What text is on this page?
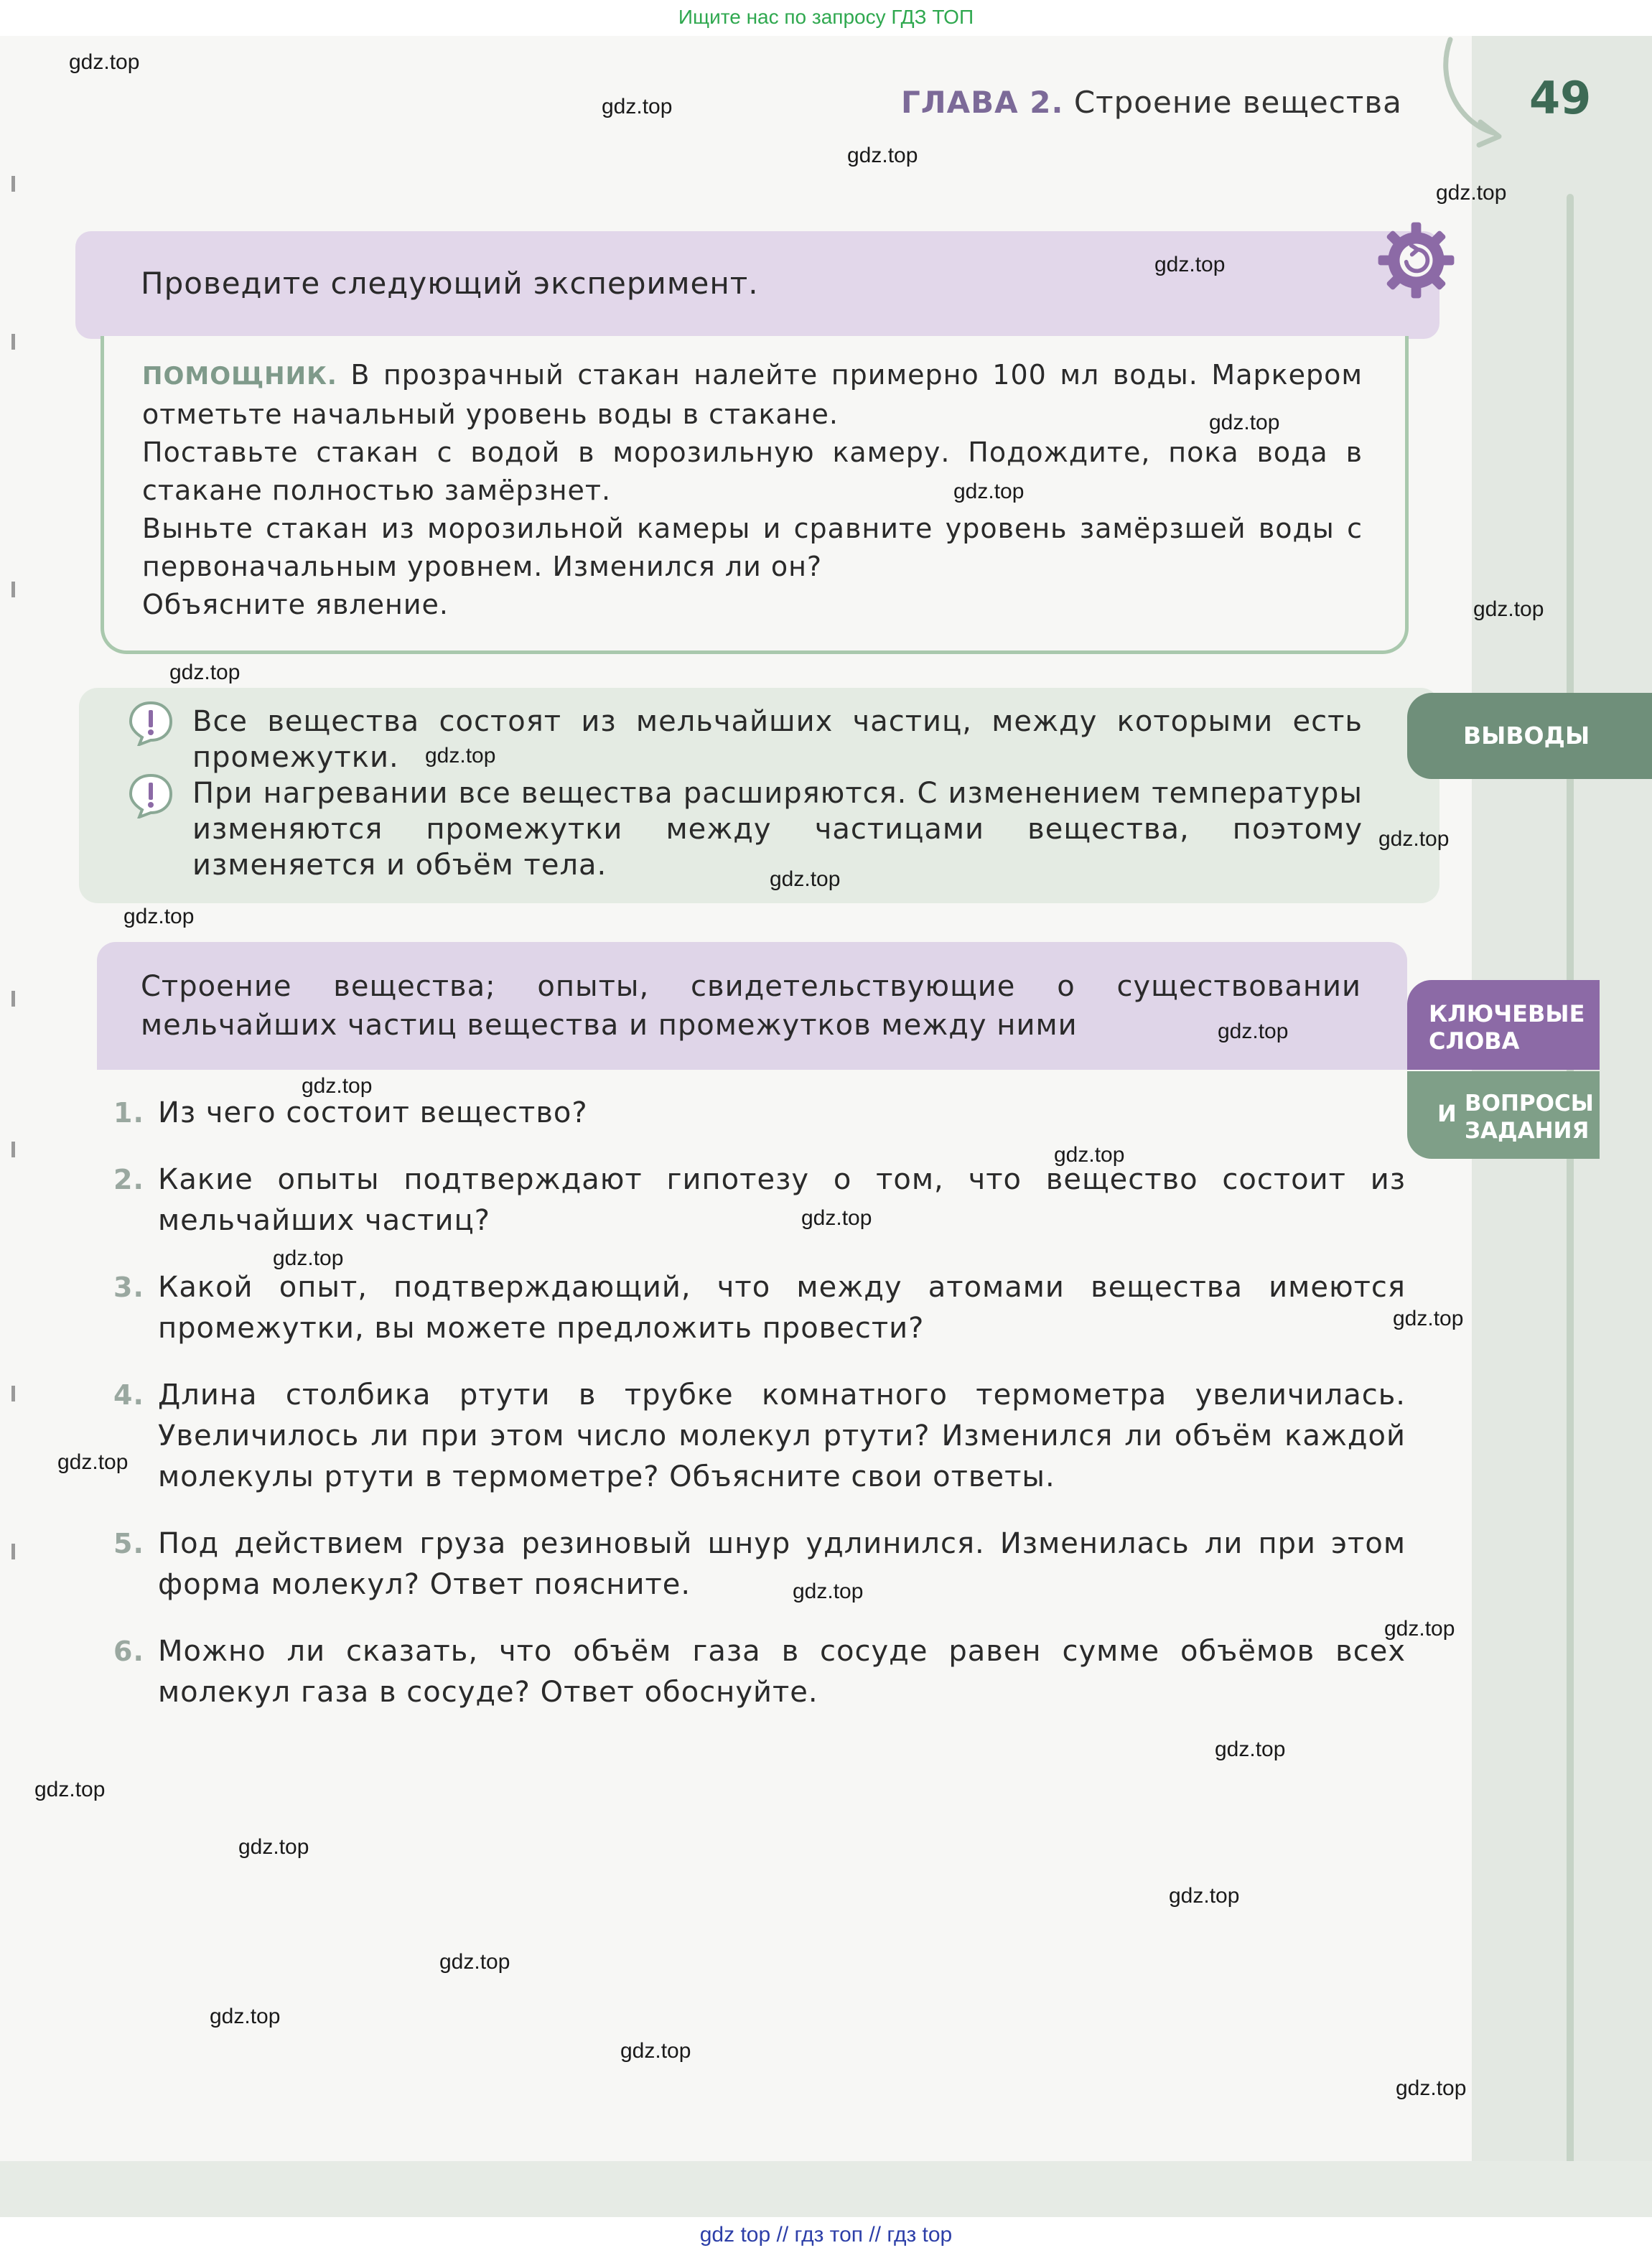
Ищите нас по запросу ГДЗ ТОП
ГЛАВА 2. Строение вещества	49
Проведите следующий эксперимент.

ПОМОЩНИК. В прозрачный стакан налейте примерно 100 мл воды. Маркером отметьте начальный уровень воды в стакане.

Поставьте стакан с водой в морозильную камеру. Подождите, пока вода в стакане полностью замёрзнет.

Выньте стакан из морозильной камеры и сравните уровень замёрзшей воды с первоначальным уровнем. Изменился ли он?

Объясните явление.

ВЫВОДЫ
Все вещества состоят из мельчайших частиц, между которыми есть промежутки.
При нагревании все вещества расширяются. С изменением температуры изменяются промежутки между частицами вещества, поэтому изменяется и объём тела.
Строение вещества; опыты, свидетельствующие о существовании мельчайших частиц вещества и промежутков между ними	КЛЮЧЕВЫЕ
СЛОВА
И ВОПРОСЫ
ЗАДАНИЯ
1. Из чего состоит вещество?
2. Какие опыты подтверждают гипотезу о том, что вещество состоит из мельчайших частиц?
3. Какой опыт, подтверждающий, что между атомами вещества имеются промежутки, вы можете предложить провести?
4. Длина столбика ртути в трубке комнатного термометра увеличилась. Увеличилось ли при этом число молекул ртути? Изменился ли объём каждой молекулы ртути в термометре? Объясните свои ответы.
5. Под действием груза резиновый шнур удлинился. Изменилась ли при этом форма молекул? Ответ поясните.
6. Можно ли сказать, что объём газа в сосуде равен сумме объёмов всех молекул газа в сосуде? Ответ обоснуйте.
gdz.top
gdz.top
gdz.top
gdz.top
gdz.top
gdz.top
gdz.top
gdz.top
gdz.top
gdz.top
gdz.top
gdz.top
gdz.top
gdz.top
gdz.top
gdz.top
gdz.top
gdz.top
gdz.top
gdz.top
gdz.top
gdz.top
gdz.top
gdz.top
gdz.top
gdz.top
gdz.top
gdz.top
gdz.top
gdz.top
gdz top // гдз топ // гдз top
